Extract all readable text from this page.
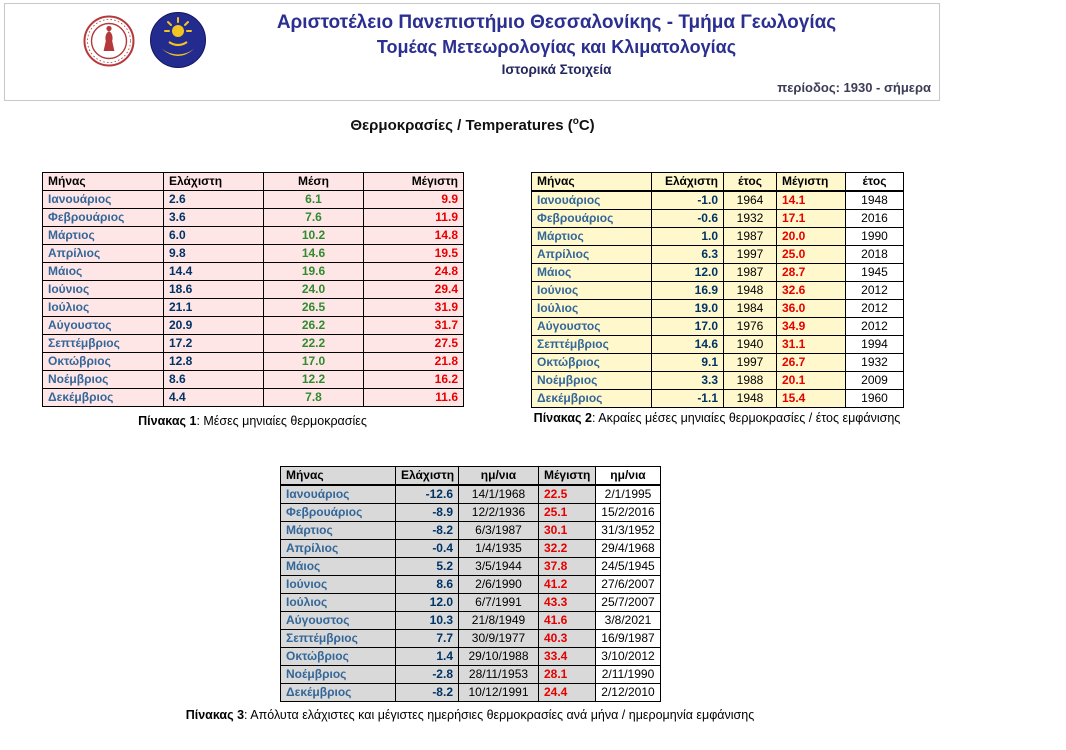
Αριστοτέλειο Πανεπιστήμιο Θεσσαλονίκης - Τμήμα Γεωλογίας
Τομέας Μετεωρολογίας και Κλιματολογίας
Ιστορικά Στοιχεία
περίοδος: 1930 - σήμερα
Θερμοκρασίες / Temperatures ($^o$C)
Μήνας	Ελάχιστη	Μέση	Μέγιστη
Ιανουάριος	2.6	6.1	9.9
Φεβρουάριος	3.6	7.6	11.9
Μάρτιος	6.0	10.2	14.8
Απρίλιος	9.8	14.6	19.5
Μάιος	14.4	19.6	24.8
Ιούνιος	18.6	24.0	29.4
Ιούλιος	21.1	26.5	31.9
Αύγουστος	20.9	26.2	31.7
Σεπτέμβριος	17.2	22.2	27.5
Οκτώβριος	12.8	17.0	21.8
Νοέμβριος	8.6	12.2	16.2
Δεκέμβριος	4.4	7.8	11.6
Πίνακας 1: Μέσες μηνιαίες θερμοκρασίες
Μήνας	Ελάχιστη	έτος	Μέγιστη	έτος
Ιανουάριος	-1.0	1964	14.1	1948
Φεβρουάριος	-0.6	1932	17.1	2016
Μάρτιος	1.0	1987	20.0	1990
Απρίλιος	6.3	1997	25.0	2018
Μάιος	12.0	1987	28.7	1945
Ιούνιος	16.9	1948	32.6	2012
Ιούλιος	19.0	1984	36.0	2012
Αύγουστος	17.0	1976	34.9	2012
Σεπτέμβριος	14.6	1940	31.1	1994
Οκτώβριος	9.1	1997	26.7	1932
Νοέμβριος	3.3	1988	20.1	2009
Δεκέμβριος	-1.1	1948	15.4	1960
Πίνακας 2: Ακραίες μέσες μηνιαίες θερμοκρασίες / έτος εμφάνισης
Μήνας	Ελάχιστη	ημ/νια	Μέγιστη	ημ/νια
Ιανουάριος	-12.6	14/1/1968	22.5	2/1/1995
Φεβρουάριος	-8.9	12/2/1936	25.1	15/2/2016
Μάρτιος	-8.2	6/3/1987	30.1	31/3/1952
Απρίλιος	-0.4	1/4/1935	32.2	29/4/1968
Μάιος	5.2	3/5/1944	37.8	24/5/1945
Ιούνιος	8.6	2/6/1990	41.2	27/6/2007
Ιούλιος	12.0	6/7/1991	43.3	25/7/2007
Αύγουστος	10.3	21/8/1949	41.6	3/8/2021
Σεπτέμβριος	7.7	30/9/1977	40.3	16/9/1987
Οκτώβριος	1.4	29/10/1988	33.4	3/10/2012
Νοέμβριος	-2.8	28/11/1953	28.1	2/11/1990
Δεκέμβριος	-8.2	10/12/1991	24.4	2/12/2010
Πίνακας 3: Απόλυτα ελάχιστες και μέγιστες ημερήσιες θερμοκρασίες ανά μήνα / ημερομηνία εμφάνισης
